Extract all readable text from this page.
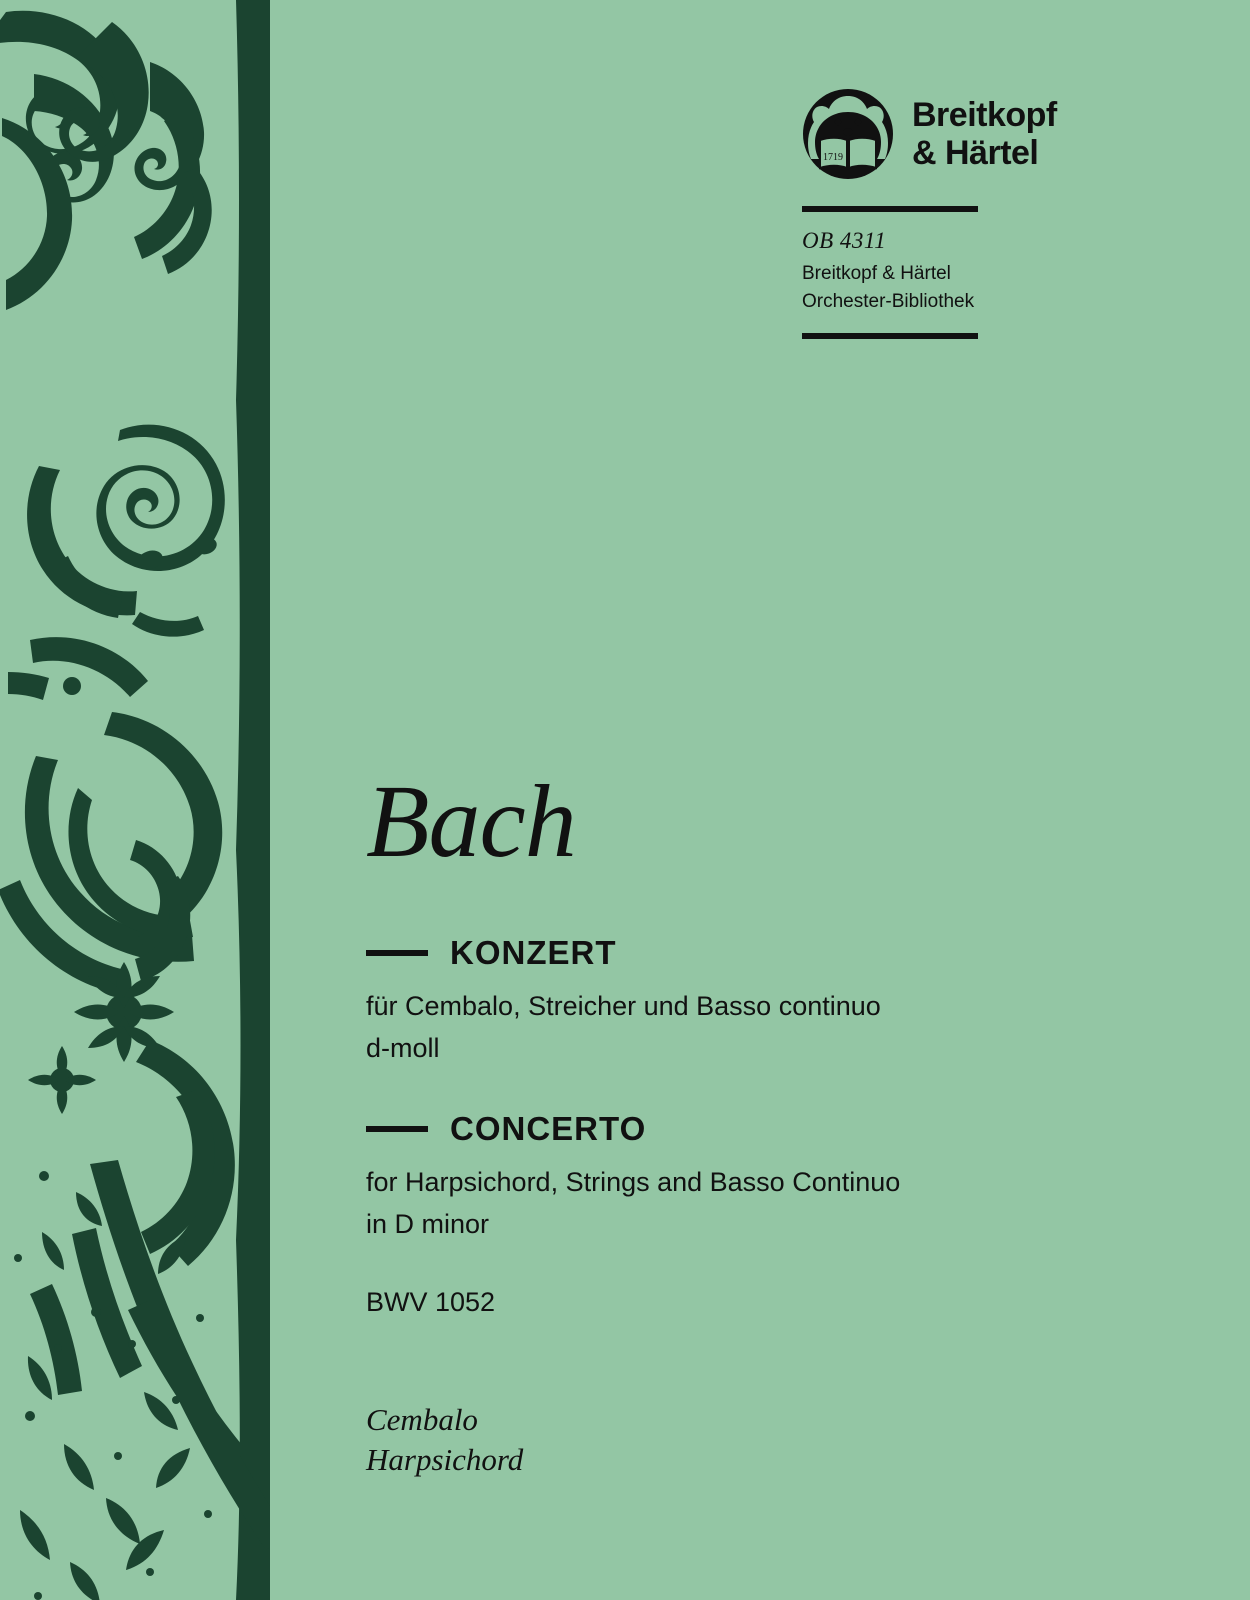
1719
Breitkopf
& Härtel
OB 4311
Breitkopf & Härtel
Orchester-Bibliothek
Bach
KONZERT
für Cembalo, Streicher und Basso continuo
d-moll
CONCERTO
for Harpsichord, Strings and Basso Continuo
in D minor
BWV 1052
Cembalo
Harpsichord
